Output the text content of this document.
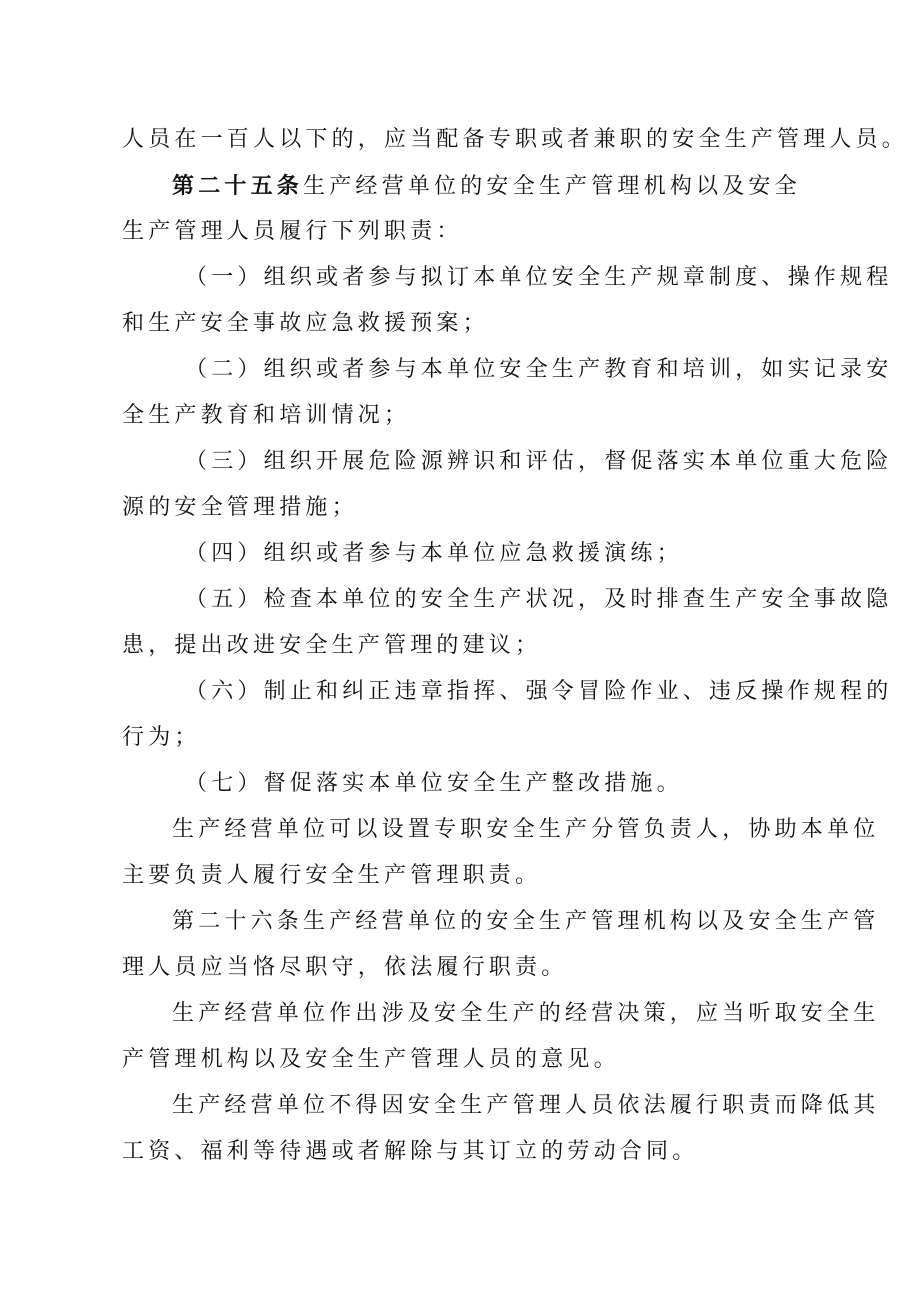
人员在一百人以下的，应当配备专职或者兼职的安全生产管理人员。
第二十五条生产经营单位的安全生产管理机构以及安全
生产管理人员履行下列职责：
（一）组织或者参与拟订本单位安全生产规章制度、操作规程
和生产安全事故应急救援预案；
（二）组织或者参与本单位安全生产教育和培训，如实记录安
全生产教育和培训情况；
（三）组织开展危险源辨识和评估，督促落实本单位重大危险
源的安全管理措施；
（四）组织或者参与本单位应急救援演练；
（五）检查本单位的安全生产状况，及时排查生产安全事故隐
患，提出改进安全生产管理的建议；
（六）制止和纠正违章指挥、强令冒险作业、违反操作规程的
行为；
（七）督促落实本单位安全生产整改措施。
生产经营单位可以设置专职安全生产分管负责人，协助本单位
主要负责人履行安全生产管理职责。
第二十六条生产经营单位的安全生产管理机构以及安全生产管
理人员应当恪尽职守，依法履行职责。
生产经营单位作出涉及安全生产的经营决策，应当听取安全生
产管理机构以及安全生产管理人员的意见。
生产经营单位不得因安全生产管理人员依法履行职责而降低其
工资、福利等待遇或者解除与其订立的劳动合同。
